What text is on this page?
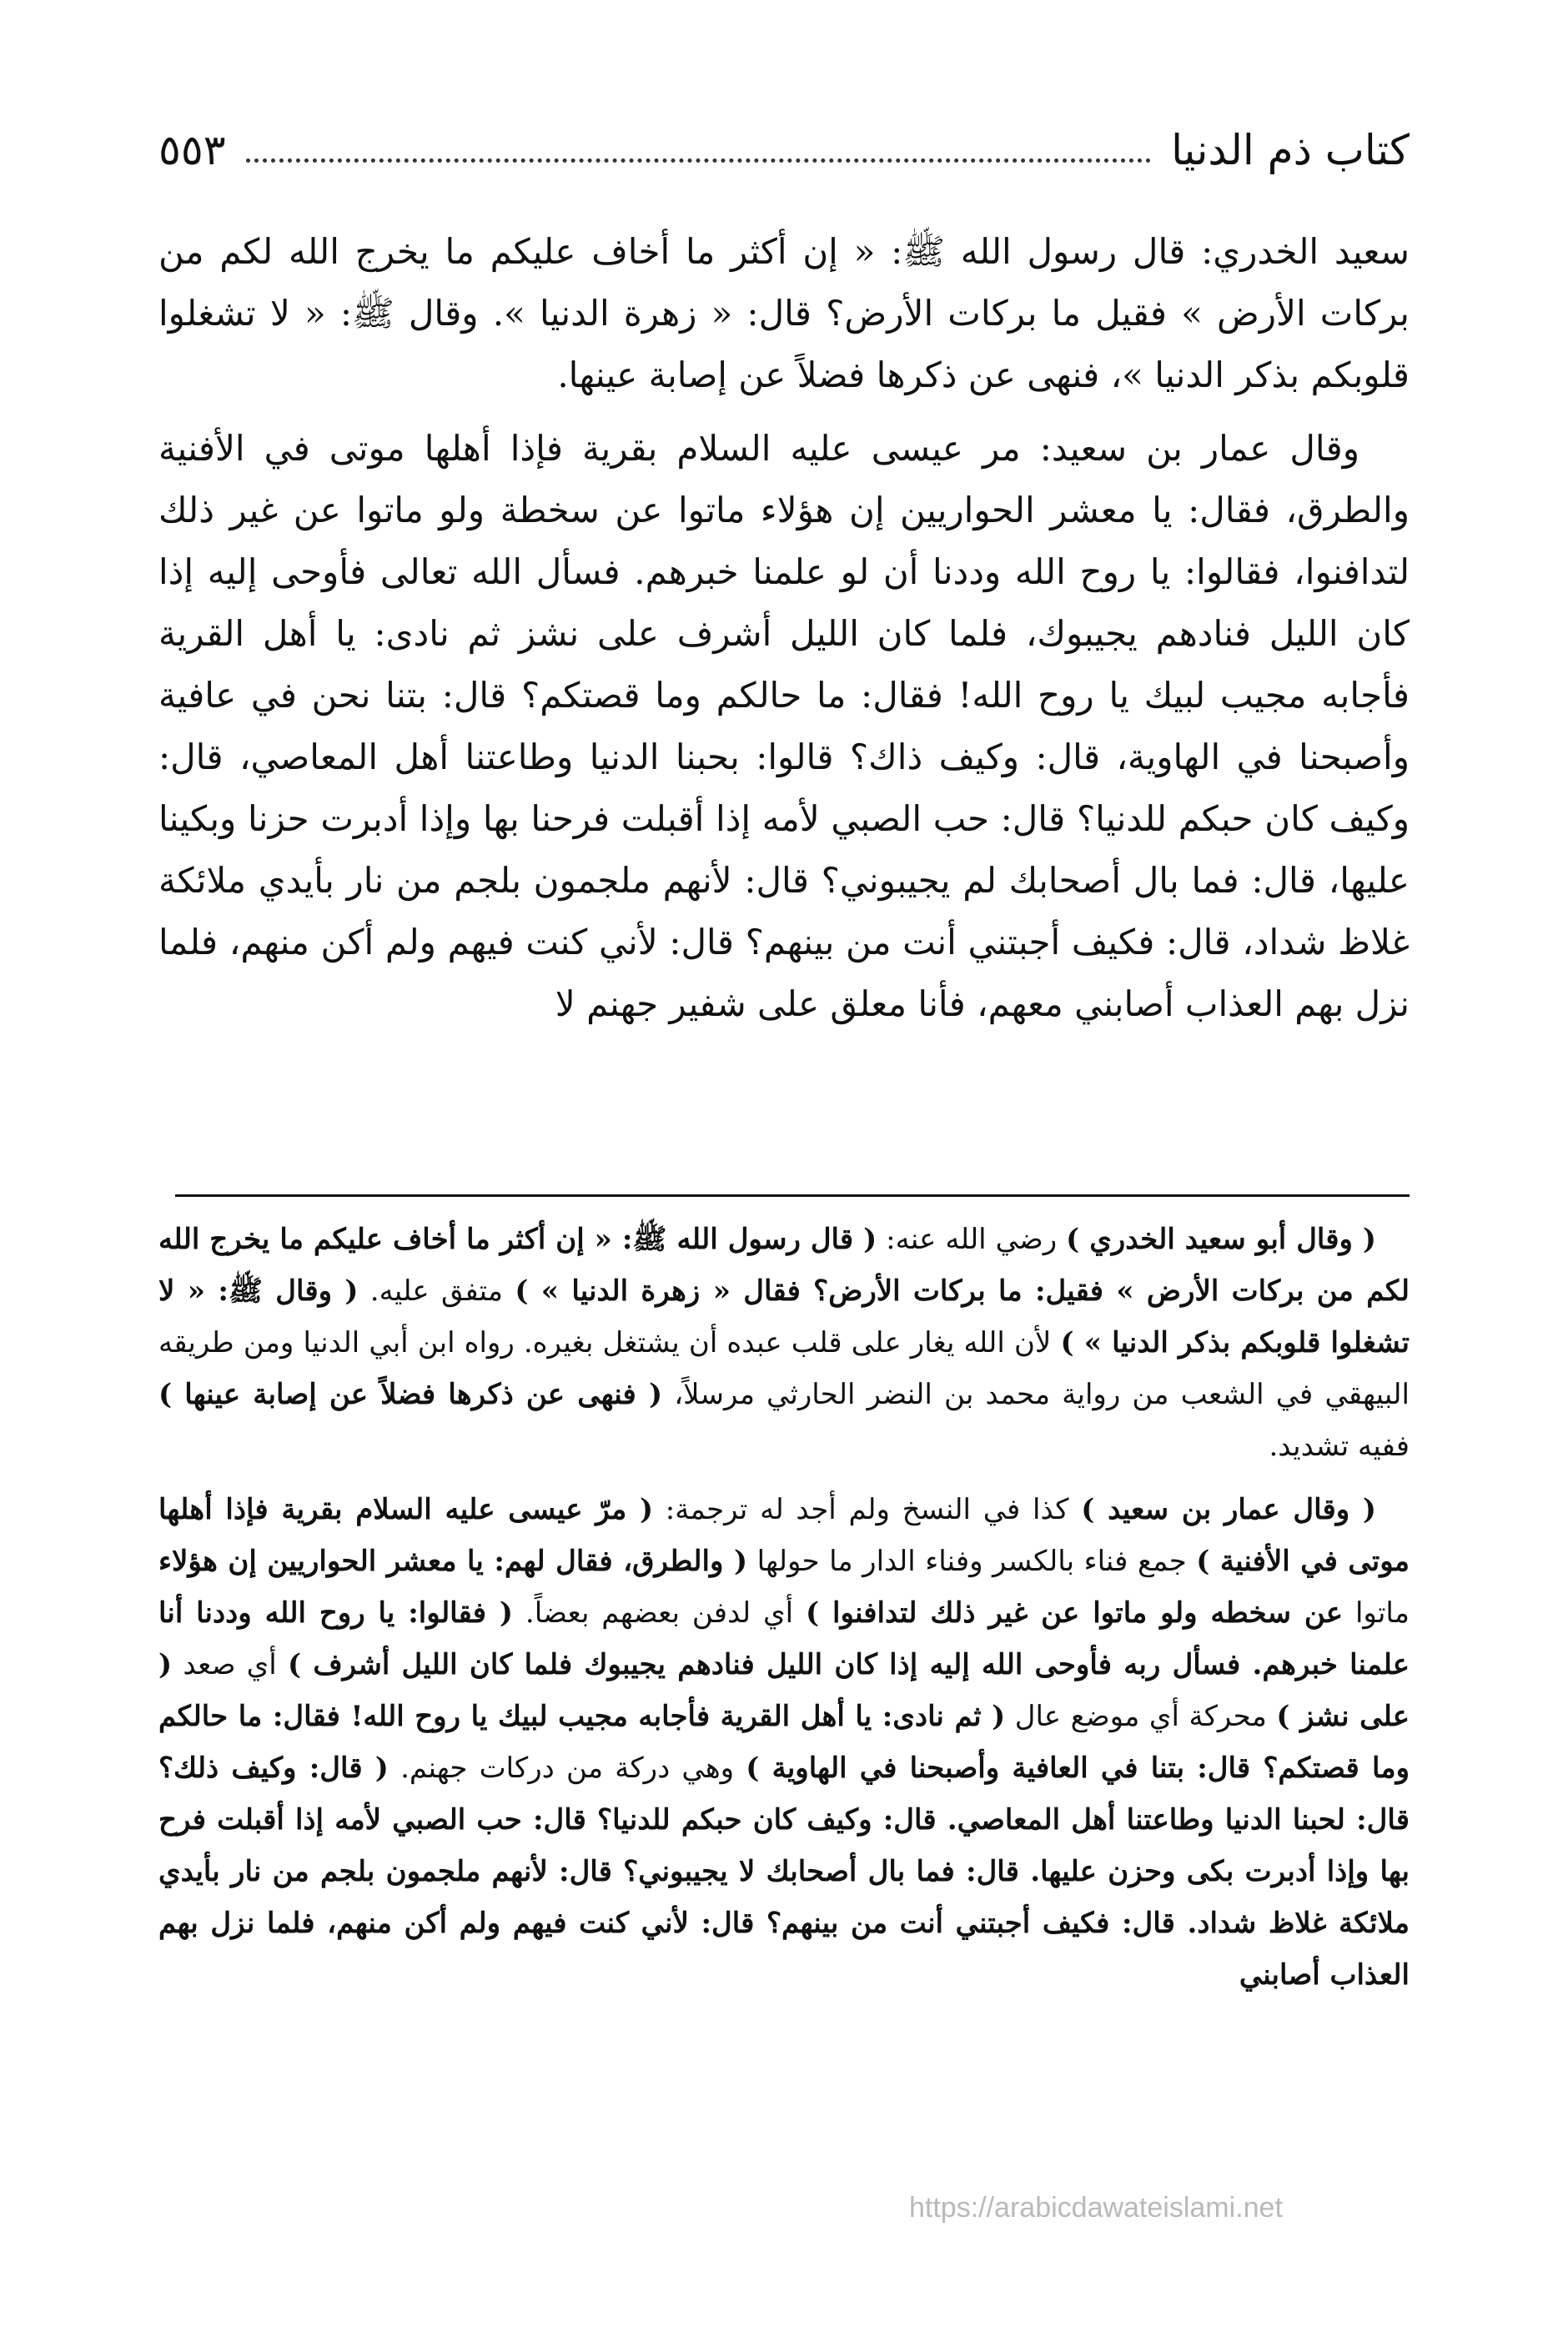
كتاب ذم الدنيا
٥٥٣

سعيد الخدري: قال رسول الله ﷺ: « إن أكثر ما أخاف عليكم ما يخرج الله لكم من بركات الأرض » فقيل ما بركات الأرض؟ قال: « زهرة الدنيا ». وقال ﷺ: « لا تشغلوا قلوبكم بذكر الدنيا »، فنهى عن ذكرها فضلاً عن إصابة عينها.

وقال عمار بن سعيد: مر عيسى عليه السلام بقرية فإذا أهلها موتى في الأفنية والطرق، فقال: يا معشر الحواريين إن هؤلاء ماتوا عن سخطة ولو ماتوا عن غير ذلك لتدافنوا، فقالوا: يا روح الله وددنا أن لو علمنا خبرهم. فسأل الله تعالى فأوحى إليه إذا كان الليل فنادهم يجيبوك، فلما كان الليل أشرف على نشز ثم نادى: يا أهل القرية فأجابه مجيب لبيك يا روح الله! فقال: ما حالكم وما قصتكم؟ قال: بتنا نحن في عافية وأصبحنا في الهاوية، قال: وكيف ذاك؟ قالوا: بحبنا الدنيا وطاعتنا أهل المعاصي، قال: وكيف كان حبكم للدنيا؟ قال: حب الصبي لأمه إذا أقبلت فرحنا بها وإذا أدبرت حزنا وبكينا عليها، قال: فما بال أصحابك لم يجيبوني؟ قال: لأنهم ملجمون بلجم من نار بأيدي ملائكة غلاظ شداد، قال: فكيف أجبتني أنت من بينهم؟ قال: لأني كنت فيهم ولم أكن منهم، فلما نزل بهم العذاب أصابني معهم، فأنا معلق على شفير جهنم لا

( وقال أبو سعيد الخدري ) رضي الله عنه: ( قال رسول الله ﷺ: « إن أكثر ما أخاف عليكم ما يخرج الله لكم من بركات الأرض » فقيل: ما بركات الأرض؟ فقال « زهرة الدنيا » ) متفق عليه. ( وقال ﷺ: « لا تشغلوا قلوبكم بذكر الدنيا » ) لأن الله يغار على قلب عبده أن يشتغل بغيره. رواه ابن أبي الدنيا ومن طريقه البيهقي في الشعب من رواية محمد بن النضر الحارثي مرسلاً، ( فنهى عن ذكرها فضلاً عن إصابة عينها ) ففيه تشديد.

( وقال عمار بن سعيد ) كذا في النسخ ولم أجد له ترجمة: ( مرّ عيسى عليه السلام بقرية فإذا أهلها موتى في الأفنية ) جمع فناء بالكسر وفناء الدار ما حولها ( والطرق، فقال لهم: يا معشر الحواريين إن هؤلاء ماتوا عن سخطه ولو ماتوا عن غير ذلك لتدافنوا ) أي لدفن بعضهم بعضاً. ( فقالوا: يا روح الله وددنا أنا علمنا خبرهم. فسأل ربه فأوحى الله إليه إذا كان الليل فنادهم يجيبوك فلما كان الليل أشرف ) أي صعد ( على نشز ) محركة أي موضع عال ( ثم نادى: يا أهل القرية فأجابه مجيب لبيك يا روح الله! فقال: ما حالكم وما قصتكم؟ قال: بتنا في العافية وأصبحنا في الهاوية ) وهي دركة من دركات جهنم. ( قال: وكيف ذلك؟ قال: لحبنا الدنيا وطاعتنا أهل المعاصي. قال: وكيف كان حبكم للدنيا؟ قال: حب الصبي لأمه إذا أقبلت فرح بها وإذا أدبرت بكى وحزن عليها. قال: فما بال أصحابك لا يجيبوني؟ قال: لأنهم ملجمون بلجم من نار بأيدي ملائكة غلاظ شداد. قال: فكيف أجبتني أنت من بينهم؟ قال: لأني كنت فيهم ولم أكن منهم، فلما نزل بهم العذاب أصابني

https://arabicdawateislami.net
